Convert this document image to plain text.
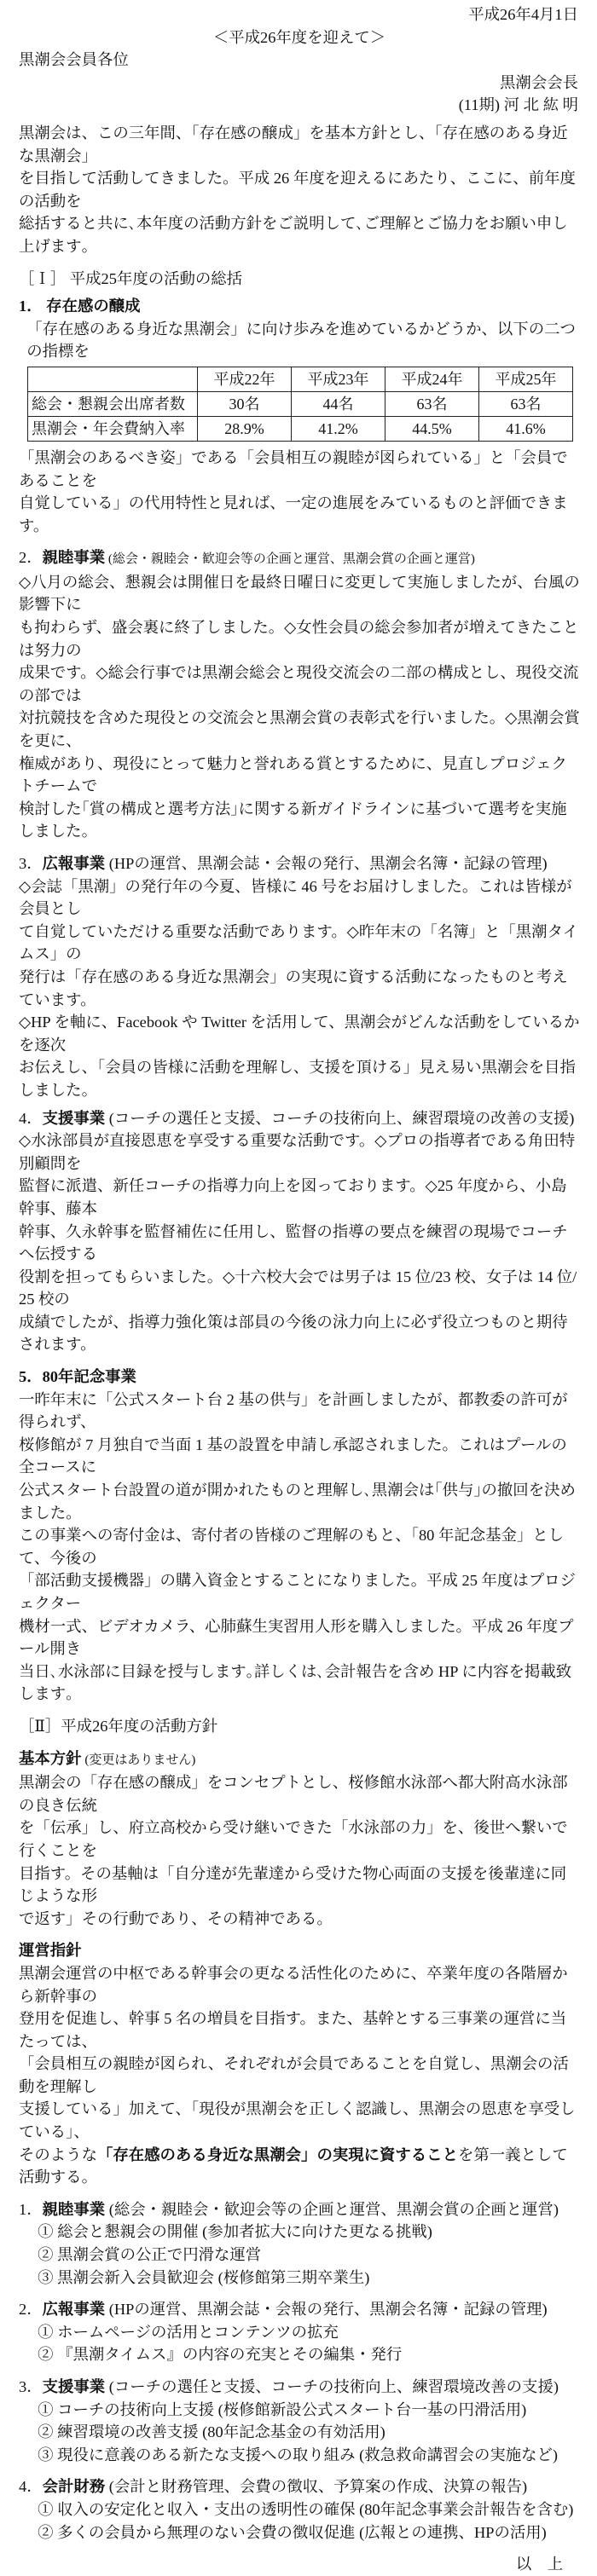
平成26年4月1日
＜平成26年度を迎えて＞
黒潮会会員各位
黒潮会会長
(11期) 河 北 紘 明
黒潮会は、この三年間、「存在感の醸成」を基本方針とし、「存在感のある身近な黒潮会」
を目指して活動してきました。平成 26 年度を迎えるにあたり、ここに、前年度の活動を
総括すると共に､本年度の活動方針をご説明して､ご理解とご協力をお願い申し上げます｡
［Ｉ］ 平成25年度の活動の総括
1． 存在感の醸成
「存在感のある身近な黒潮会」に向け歩みを進めているかどうか、以下の二つの指標を
	平成22年	平成23年	平成24年	平成25年
総会・懇親会出席者数	30名	44名	63名	63名
黒潮会・年会費納入率	28.9%	41.2%	44.5%	41.6%
「黒潮会のあるべき姿」である「会員相互の親睦が図られている」と「会員であることを
自覚している」の代用特性と見れば、一定の進展をみているものと評価できます。
2．親睦事業 (総会・親睦会・歓迎会等の企画と運営、黒潮会賞の企画と運営)
◇八月の総会、懇親会は開催日を最終日曜日に変更して実施しましたが、台風の影響下に
も拘わらず、盛会裏に終了しました。◇女性会員の総会参加者が増えてきたことは努力の
成果です。◇総会行事では黒潮会総会と現役交流会の二部の構成とし、現役交流の部では
対抗競技を含めた現役との交流会と黒潮会賞の表彰式を行いました。◇黒潮会賞を更に、
権威があり、現役にとって魅力と誉れある賞とするために、見直しプロジェクトチームで
検討した｢賞の構成と選考方法｣に関する新ガイドラインに基づいて選考を実施しました。
3．広報事業 (HPの運営、黒潮会誌・会報の発行、黒潮会名簿・記録の管理)
◇会誌「黒潮」の発行年の今夏、皆様に 46 号をお届けしました。これは皆様が会員とし
て自覚していただける重要な活動であります。◇昨年末の「名簿」と「黒潮タイムス」の
発行は「存在感のある身近な黒潮会」の実現に資する活動になったものと考えています。
◇HP を軸に、Facebook や Twitter を活用して、黒潮会がどんな活動をしているかを逐次
お伝えし、「会員の皆様に活動を理解し、支援を頂ける」見え易い黒潮会を目指しました。
4．支援事業 (コーチの選任と支援、コーチの技術向上、練習環境の改善の支援)
◇水泳部員が直接恩恵を享受する重要な活動です。◇プロの指導者である角田特別顧問を
監督に派遣、新任コーチの指導力向上を図っております。◇25 年度から、小島幹事、藤本
幹事、久永幹事を監督補佐に任用し、監督の指導の要点を練習の現場でコーチへ伝授する
役割を担ってもらいました。◇十六校大会では男子は 15 位/23 校、女子は 14 位/25 校の
成績でしたが、指導力強化策は部員の今後の泳力向上に必ず役立つものと期待されます。
5．80年記念事業
一昨年末に「公式スタート台 2 基の供与」を計画しましたが、都教委の許可が得られず、
桜修館が 7 月独自で当面 1 基の設置を申請し承認されました。これはプールの全コースに
公式スタート台設置の道が開かれたものと理解し､黒潮会は｢供与｣の撤回を決めました｡
この事業への寄付金は、寄付者の皆様のご理解のもと、「80 年記念基金」として、今後の
「部活動支援機器」の購入資金とすることになりました。平成 25 年度はプロジェクター
機材一式、ビデオカメラ、心肺蘇生実習用人形を購入しました。平成 26 年度プール開き
当日､水泳部に目録を授与します｡詳しくは､会計報告を含め HP に内容を掲載致します｡
［Ⅱ］平成26年度の活動方針
基本方針 (変更はありません)
黒潮会の「存在感の醸成」をコンセプトとし、桜修館水泳部へ都大附高水泳部の良き伝統
を「伝承」し、府立高校から受け継いできた「水泳部の力」を、後世へ繋いで行くことを
目指す。その基軸は「自分達が先輩達から受けた物心両面の支援を後輩達に同じような形
で返す」その行動であり、その精神である。
運営指針
黒潮会運営の中枢である幹事会の更なる活性化のために、卒業年度の各階層から新幹事の
登用を促進し、幹事 5 名の増員を目指す。また、基幹とする三事業の運営に当たっては、
「会員相互の親睦が図られ、それぞれが会員であることを自覚し、黒潮会の活動を理解し
支援している」加えて、「現役が黒潮会を正しく認識し、黒潮会の恩恵を享受している」、
そのような「存在感のある身近な黒潮会」の実現に資することを第一義として活動する。
1．親睦事業 (総会・親睦会・歓迎会等の企画と運営、黒潮会賞の企画と運営)
① 総会と懇親会の開催 (参加者拡大に向けた更なる挑戦)
② 黒潮会賞の公正で円滑な運営
③ 黒潮会新入会員歓迎会 (桜修館第三期卒業生)
2．広報事業 (HPの運営、黒潮会誌・会報の発行、黒潮会名簿・記録の管理)
① ホームページの活用とコンテンツの拡充
② 『黒潮タイムス』の内容の充実とその編集・発行
3．支援事業 (コーチの選任と支援、コーチの技術向上、練習環境改善の支援)
① コーチの技術向上支援 (桜修館新設公式スタート台一基の円滑活用)
② 練習環境の改善支援 (80年記念基金の有効活用)
③ 現役に意義のある新たな支援への取り組み (救急救命講習会の実施など)
4．会計財務 (会計と財務管理、会費の徴収、予算案の作成、決算の報告)
① 収入の安定化と収入・支出の透明性の確保 (80年記念事業会計報告を含む)
② 多くの会員から無理のない会費の徴収促進 (広報との連携、HPの活用)
以　上
